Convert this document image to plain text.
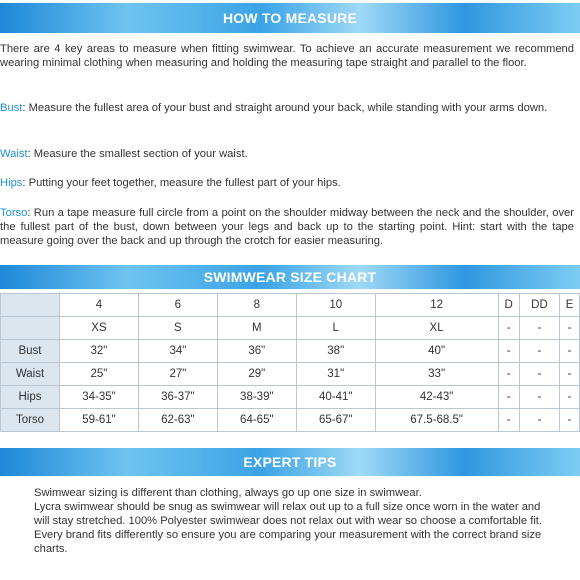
HOW TO MEASURE

There are 4 key areas to measure when fitting swimwear. To achieve an accurate measurement we recommend wearing minimal clothing when measuring and holding the measuring tape straight and parallel to the floor.

Bust: Measure the fullest area of your bust and straight around your back, while standing with your arms down.

Waist: Measure the smallest section of your waist.

Hips: Putting your feet together, measure the fullest part of your hips.

Torso: Run a tape measure full circle from a point on the shoulder midway between the neck and the shoulder, over the fullest part of the bust, down between your legs and back up to the starting point. Hint: start with the tape measure going over the back and up through the crotch for easier measuring.

SWIMWEAR SIZE CHART
	4	6	8	10	12	D	DD	E
	XS	S	M	L	XL	-	-	-
Bust	32"	34"	36"	38"	40"	-	-	-
Waist	25"	27"	29"	31"	33"	-	-	-
Hips	34-35"	36-37"	38-39"	40-41"	42-43"	-	-	-
Torso	59-61"	62-63"	64-65"	65-67"	67.5-68.5"	-	-	-
EXPERT TIPS

Swimwear sizing is different than clothing, always go up one size in swimwear.

Lycra swimwear should be snug as swimwear will relax out up to a full size once worn in the water and will stay stretched. 100% Polyester swimwear does not relax out with wear so choose a comfortable fit.

Every brand fits differently so ensure you are comparing your measurement with the correct brand size charts.
